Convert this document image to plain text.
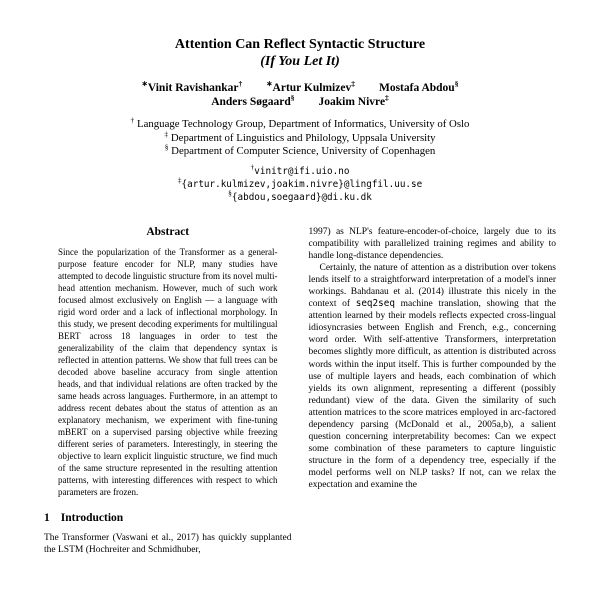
Attention Can Reflect Syntactic Structure
(If You Let It)
∗Vinit Ravishankar†	∗Artur Kulmizev‡ Mostafa Abdou§
Anders Søgaard§ Joakim Nivre‡
† Language Technology Group, Department of Informatics, University of Oslo
‡ Department of Linguistics and Philology, Uppsala University
§ Department of Computer Science, University of Copenhagen
†vinitr@ifi.uio.no
‡{artur.kulmizev,joakim.nivre}@lingfil.uu.se
§{abdou,soegaard}@di.ku.dk
Abstract

Since the popularization of the Transformer as a general-purpose feature encoder for NLP, many studies have attempted to decode linguistic structure from its novel multi-head attention mechanism. However, much of such work focused almost exclusively on English — a language with rigid word order and a lack of inflectional morphology. In this study, we present decoding experiments for multilingual BERT across 18 languages in order to test the generalizability of the claim that dependency syntax is reflected in attention patterns. We show that full trees can be decoded above baseline accuracy from single attention heads, and that individual relations are often tracked by the same heads across languages. Furthermore, in an attempt to address recent debates about the status of attention as an explanatory mechanism, we experiment with fine-tuning mBERT on a supervised parsing objective while freezing different series of parameters. Interestingly, in steering the objective to learn explicit linguistic structure, we find much of the same structure represented in the resulting attention patterns, with interesting differences with respect to which parameters are frozen.

1 Introduction

The Transformer (Vaswani et al., 2017) has quickly supplanted the LSTM (Hochreiter and Schmidhuber,

1997) as NLP's feature-encoder-of-choice, largely due to its compatibility with parallelized training regimes and ability to handle long-distance dependencies.

Certainly, the nature of attention as a distribution over tokens lends itself to a straightforward interpretation of a model's inner workings. Bahdanau et al. (2014) illustrate this nicely in the context of seq2seq machine translation, showing that the attention learned by their models reflects expected cross-lingual idiosyncrasies between English and French, e.g., concerning word order. With self-attentive Transformers, interpretation becomes slightly more difficult, as attention is distributed across words within the input itself. This is further compounded by the use of multiple layers and heads, each combination of which yields its own alignment, representing a different (possibly redundant) view of the data. Given the similarity of such attention matrices to the score matrices employed in arc-factored dependency parsing (McDonald et al., 2005a,b), a salient question concerning interpretability becomes: Can we expect some combination of these parameters to capture linguistic structure in the form of a dependency tree, especially if the model performs well on NLP tasks? If not, can we relax the expectation and examine the
